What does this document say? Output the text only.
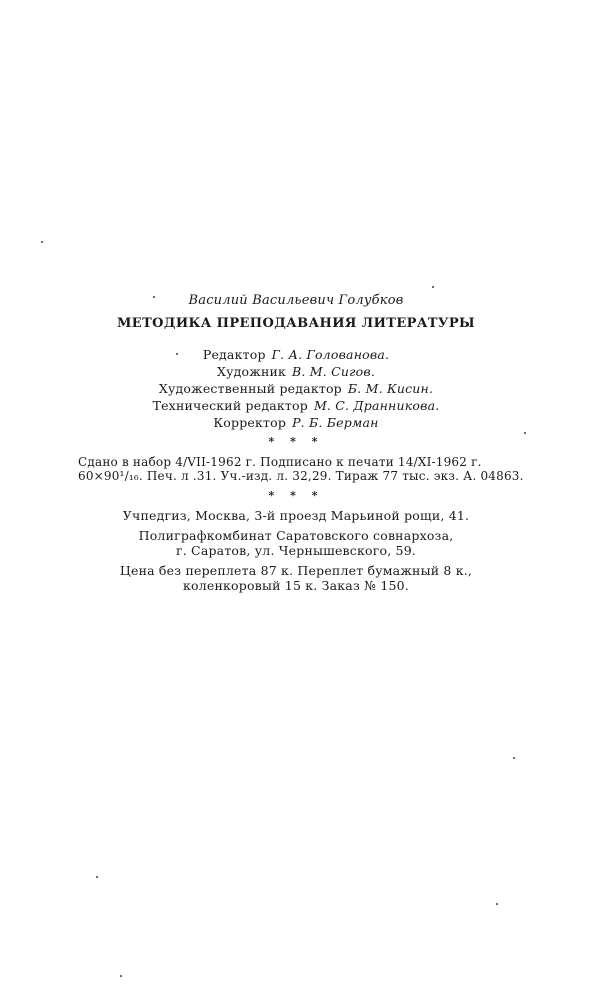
Василий Васильевич Голубков
МЕТОДИКА ПРЕПОДАВАНИЯ ЛИТЕРАТУРЫ
Редактор Г. А. Голованова.
Художник В. М. Сигов.
Художественный редактор Б. М. Кисин.
Технический редактор М. С. Дранникова.
Корректор Р. Б. Берман
* * *
Сдано в набор 4/VII-1962 г. Подписано к печати 14/XI-1962 г.
60×90¹/₁₆. Печ. л .31. Уч.-изд. л. 32,29. Тираж 77 тыс. экз. А. 04863.
* * *
Учпедгиз, Москва, 3-й проезд Марьиной рощи, 41.
Полиграфкомбинат Саратовского совнархоза,
г. Саратов, ул. Чернышевского, 59.
Цена без переплета 87 к. Переплет бумажный 8 к.,
коленкоровый 15 к. Заказ № 150.
